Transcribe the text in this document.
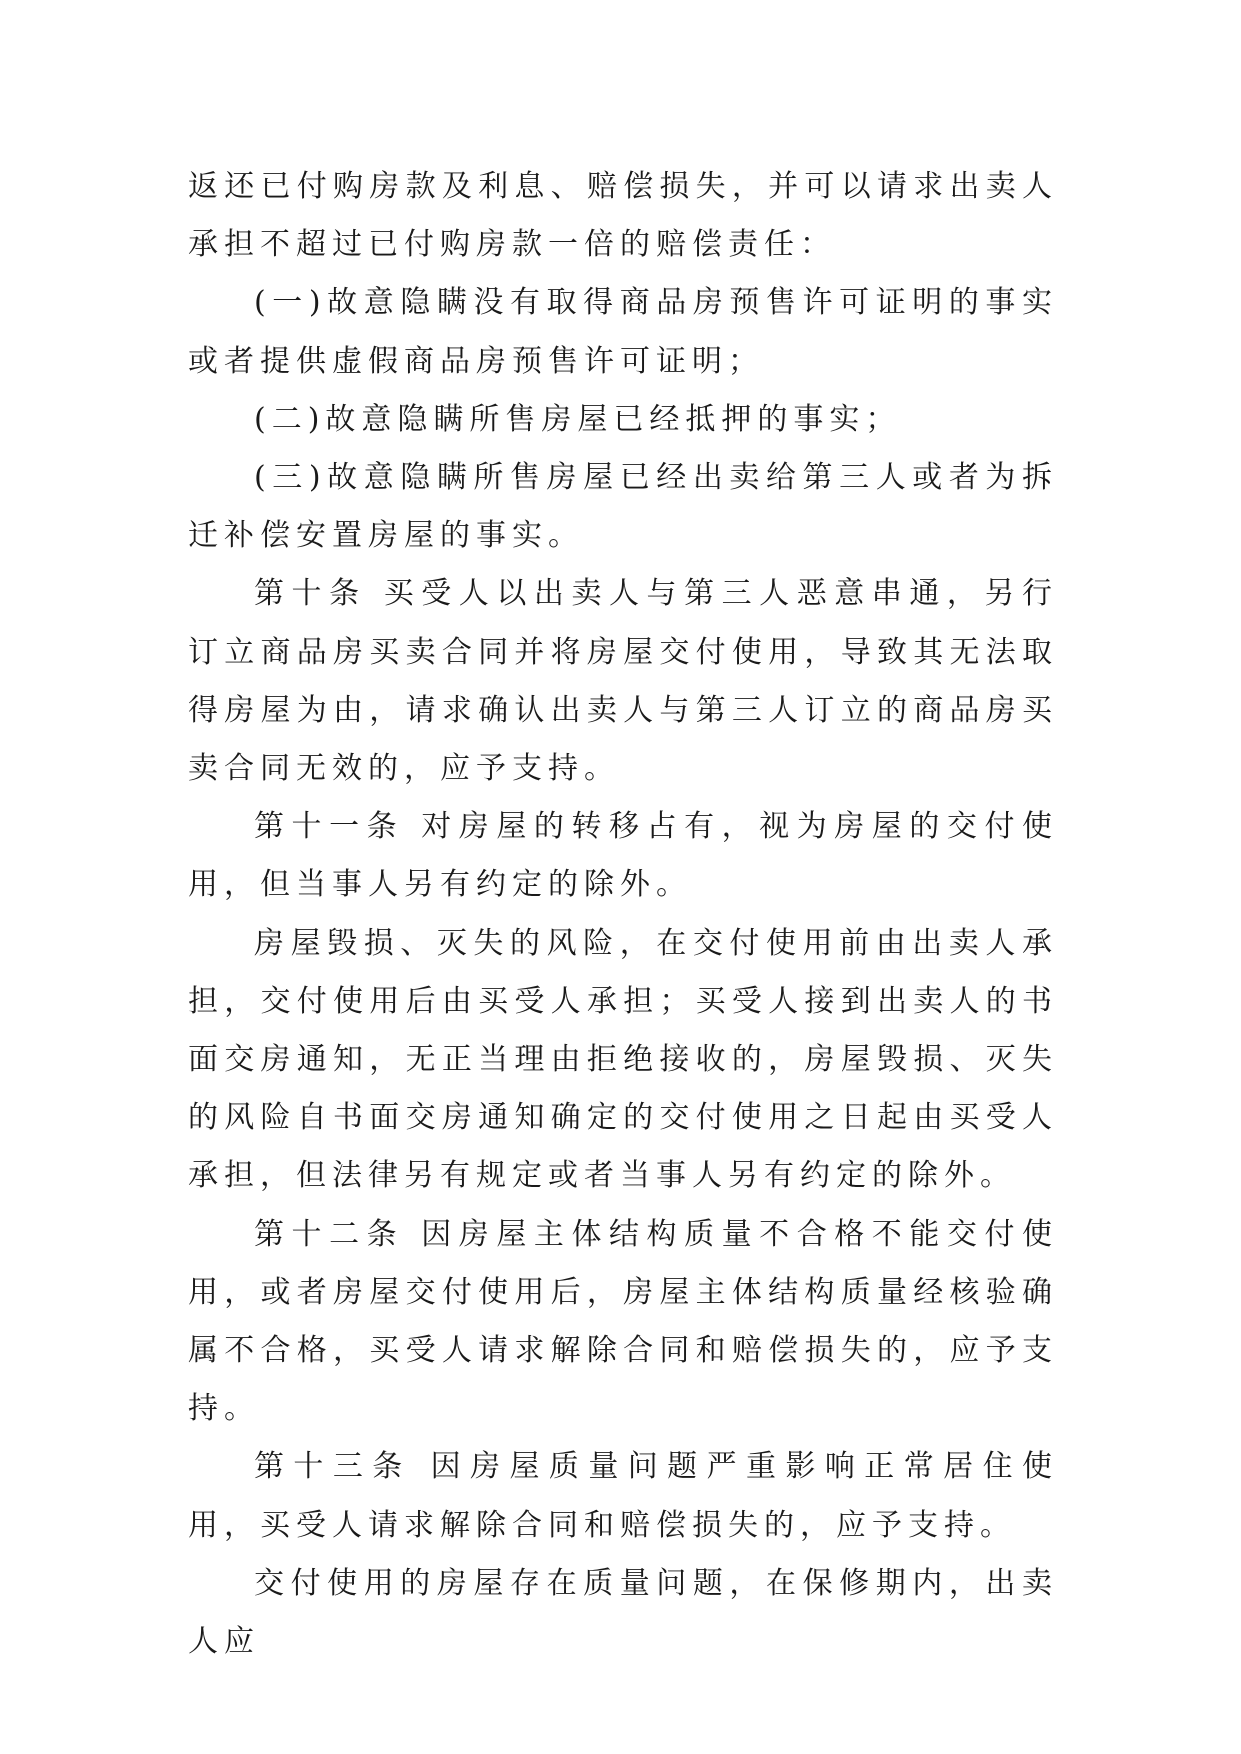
返还已付购房款及利息、赔偿损失，并可以请求出卖人承担不超过已付购房款一倍的赔偿责任：

(一)故意隐瞒没有取得商品房预售许可证明的事实或者提供虚假商品房预售许可证明；

(二)故意隐瞒所售房屋已经抵押的事实；

(三)故意隐瞒所售房屋已经出卖给第三人或者为拆迁补偿安置房屋的事实。

第十条 买受人以出卖人与第三人恶意串通，另行订立商品房买卖合同并将房屋交付使用，导致其无法取得房屋为由，请求确认出卖人与第三人订立的商品房买卖合同无效的，应予支持。

第十一条 对房屋的转移占有，视为房屋的交付使用，但当事人另有约定的除外。

房屋毁损、灭失的风险，在交付使用前由出卖人承担，交付使用后由买受人承担；买受人接到出卖人的书面交房通知，无正当理由拒绝接收的，房屋毁损、灭失的风险自书面交房通知确定的交付使用之日起由买受人承担，但法律另有规定或者当事人另有约定的除外。

第十二条 因房屋主体结构质量不合格不能交付使用，或者房屋交付使用后，房屋主体结构质量经核验确属不合格，买受人请求解除合同和赔偿损失的，应予支持。

第十三条 因房屋质量问题严重影响正常居住使用，买受人请求解除合同和赔偿损失的，应予支持。

交付使用的房屋存在质量问题，在保修期内，出卖人应
